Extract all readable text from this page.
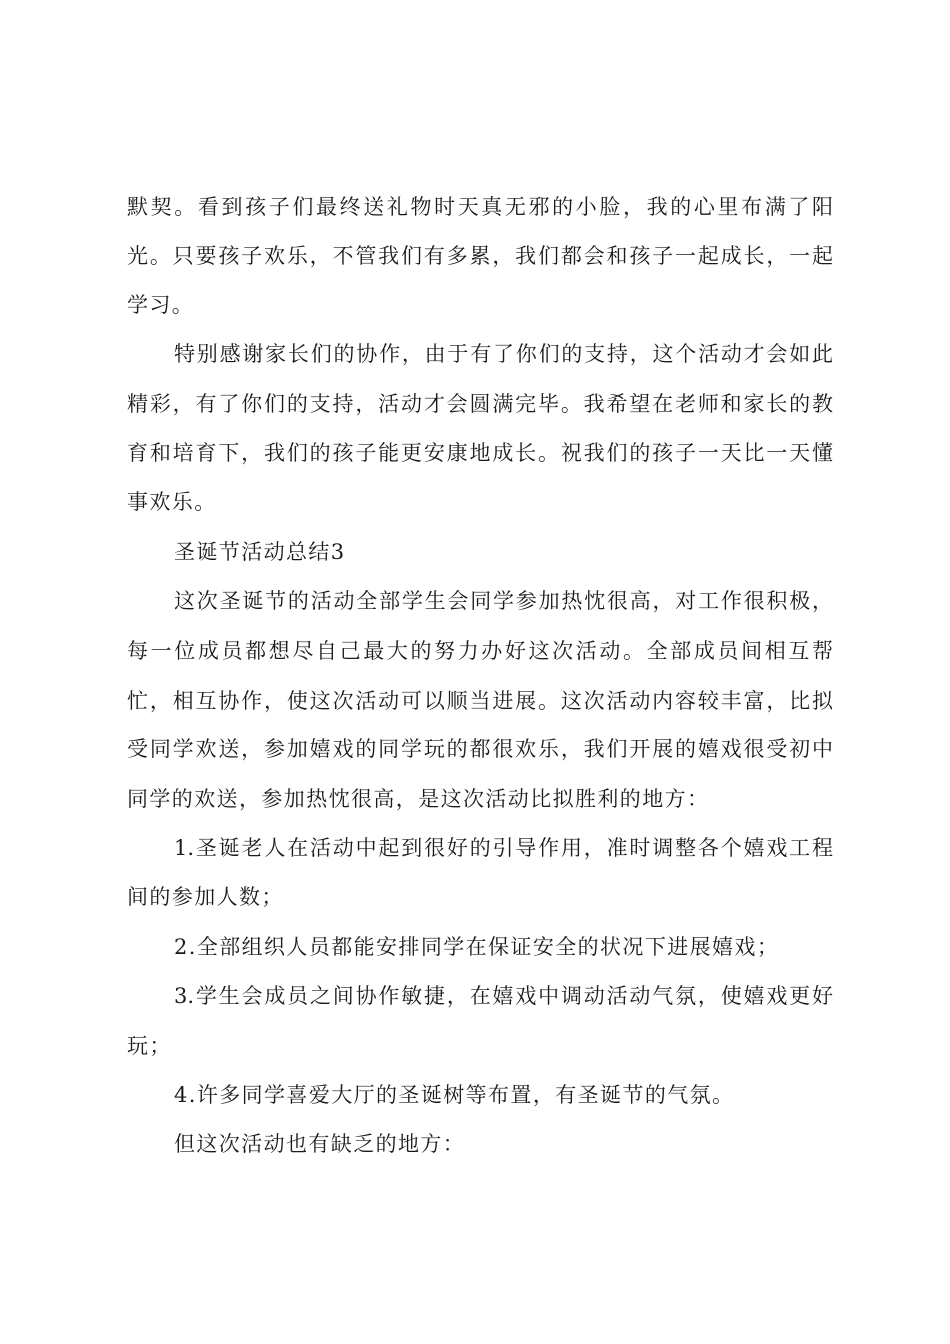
默契。看到孩子们最终送礼物时天真无邪的小脸，我的心里布满了阳
光。只要孩子欢乐，不管我们有多累，我们都会和孩子一起成长，一起
学习。
特别感谢家长们的协作，由于有了你们的支持，这个活动才会如此
精彩，有了你们的支持，活动才会圆满完毕。我希望在老师和家长的教
育和培育下，我们的孩子能更安康地成长。祝我们的孩子一天比一天懂
事欢乐。
圣诞节活动总结3
这次圣诞节的活动全部学生会同学参加热忱很高，对工作很积极，
每一位成员都想尽自己最大的努力办好这次活动。全部成员间相互帮
忙，相互协作，使这次活动可以顺当进展。这次活动内容较丰富，比拟
受同学欢送，参加嬉戏的同学玩的都很欢乐，我们开展的嬉戏很受初中
同学的欢送，参加热忱很高，是这次活动比拟胜利的地方：
1.圣诞老人在活动中起到很好的引导作用，准时调整各个嬉戏工程
间的参加人数；
2.全部组织人员都能安排同学在保证安全的状况下进展嬉戏；
3.学生会成员之间协作敏捷，在嬉戏中调动活动气氛，使嬉戏更好
玩；
4.许多同学喜爱大厅的圣诞树等布置，有圣诞节的气氛。
但这次活动也有缺乏的地方：
